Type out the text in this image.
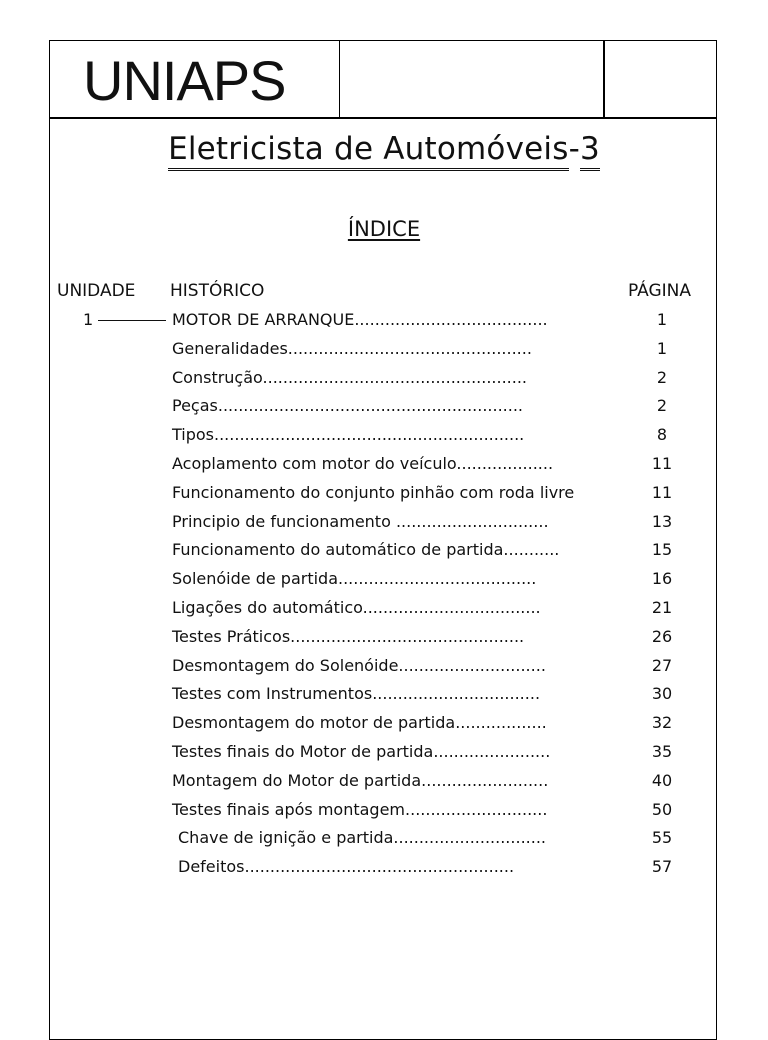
UNIAPS
Eletricista de Automóveis-3
ÍNDICE
UNIDADE HISTÓRICO	PÁGINA
1	MOTOR DE ARRANQUE......................................	1
Generalidades................................................	1
Construção....................................................	2
Peças............................................................	2
Tipos.............................................................	8
Acoplamento com motor do veículo...................	11
Funcionamento do conjunto pinhão com roda livre	11
Principio de funcionamento ..............................	13
Funcionamento do automático de partida...........	15
Solenóide de partida.......................................	16
Ligações do automático...................................	21
Testes Práticos..............................................	26
Desmontagem do Solenóide.............................	27
Testes com Instrumentos.................................	30
Desmontagem do motor de partida..................	32
Testes finais do Motor de partida.......................	35
Montagem do Motor de partida.........................	40
Testes finais após montagem............................	50
Chave de ignição e partida..............................	55
Defeitos.....................................................	57
